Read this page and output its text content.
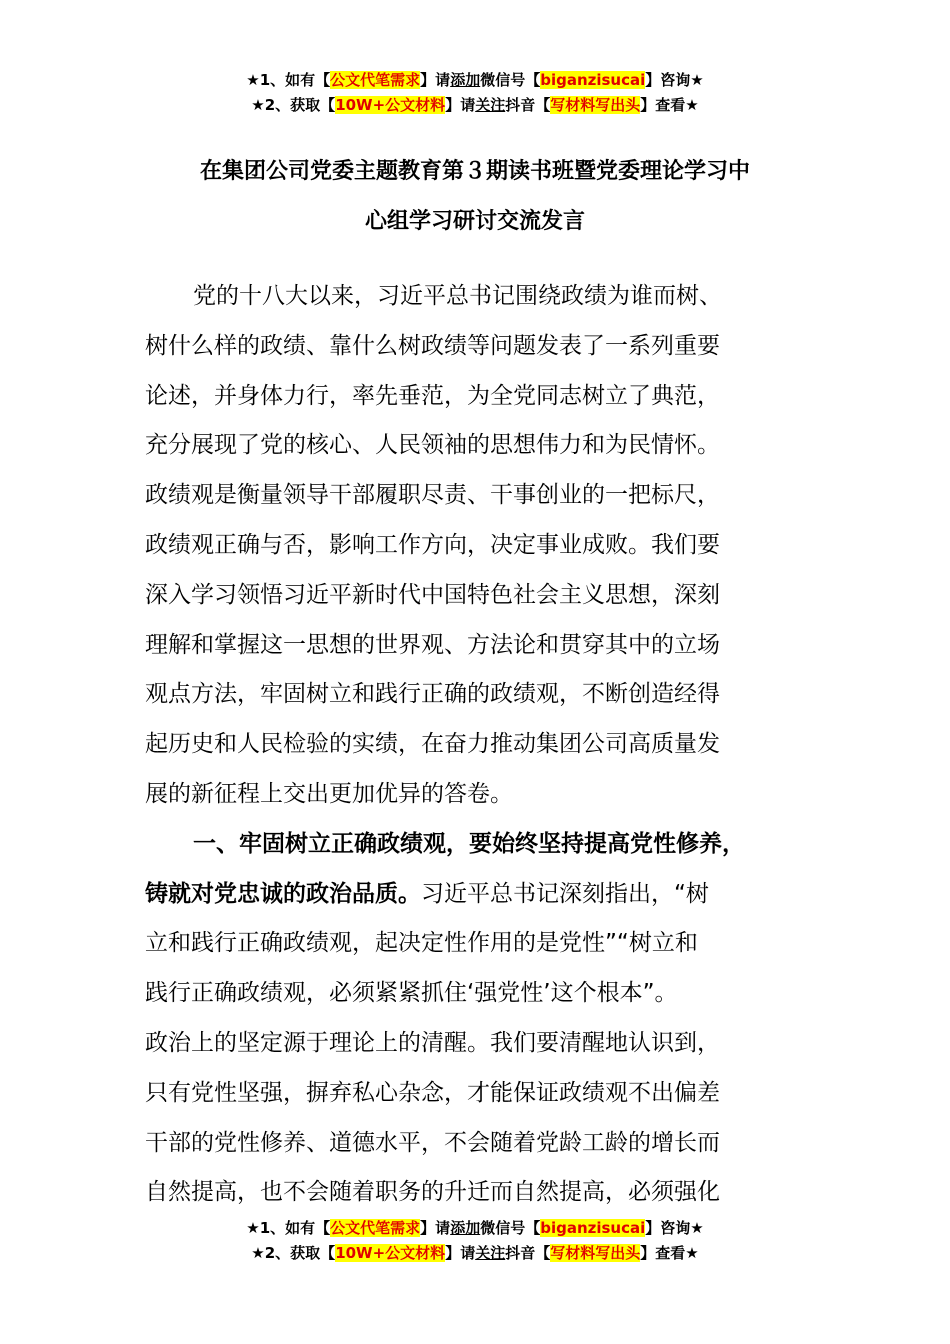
★1、如有【公文代笔需求】请添加微信号【biganzisucai】咨询★
★2、获取【10W+公文材料】请关注抖音【写材料写出头】查看★
在集团公司党委主题教育第３期读书班暨党委理论学习中
心组学习研讨交流发言
党的十八大以来，习近平总书记围绕政绩为谁而树、
树什么样的政绩、靠什么树政绩等问题发表了一系列重要
论述，并身体力行，率先垂范，为全党同志树立了典范，
充分展现了党的核心、人民领袖的思想伟力和为民情怀。
政绩观是衡量领导干部履职尽责、干事创业的一把标尺，
政绩观正确与否，影响工作方向，决定事业成败。我们要
深入学习领悟习近平新时代中国特色社会主义思想，深刻
理解和掌握这一思想的世界观、方法论和贯穿其中的立场
观点方法，牢固树立和践行正确的政绩观，不断创造经得
起历史和人民检验的实绩，在奋力推动集团公司高质量发
展的新征程上交出更加优异的答卷。
一、牢固树立正确政绩观，要始终坚持提高党性修养，
铸就对党忠诚的政治品质。习近平总书记深刻指出，“树
立和践行正确政绩观，起决定性作用的是党性”“树立和
践行正确政绩观，必须紧紧抓住‘强党性’这个根本”。
政治上的坚定源于理论上的清醒。我们要清醒地认识到，
只有党性坚强，摒弃私心杂念，才能保证政绩观不出偏差
干部的党性修养、道德水平，不会随着党龄工龄的增长而
自然提高，也不会随着职务的升迁而自然提高，必须强化
★1、如有【公文代笔需求】请添加微信号【biganzisucai】咨询★
★2、获取【10W+公文材料】请关注抖音【写材料写出头】查看★
